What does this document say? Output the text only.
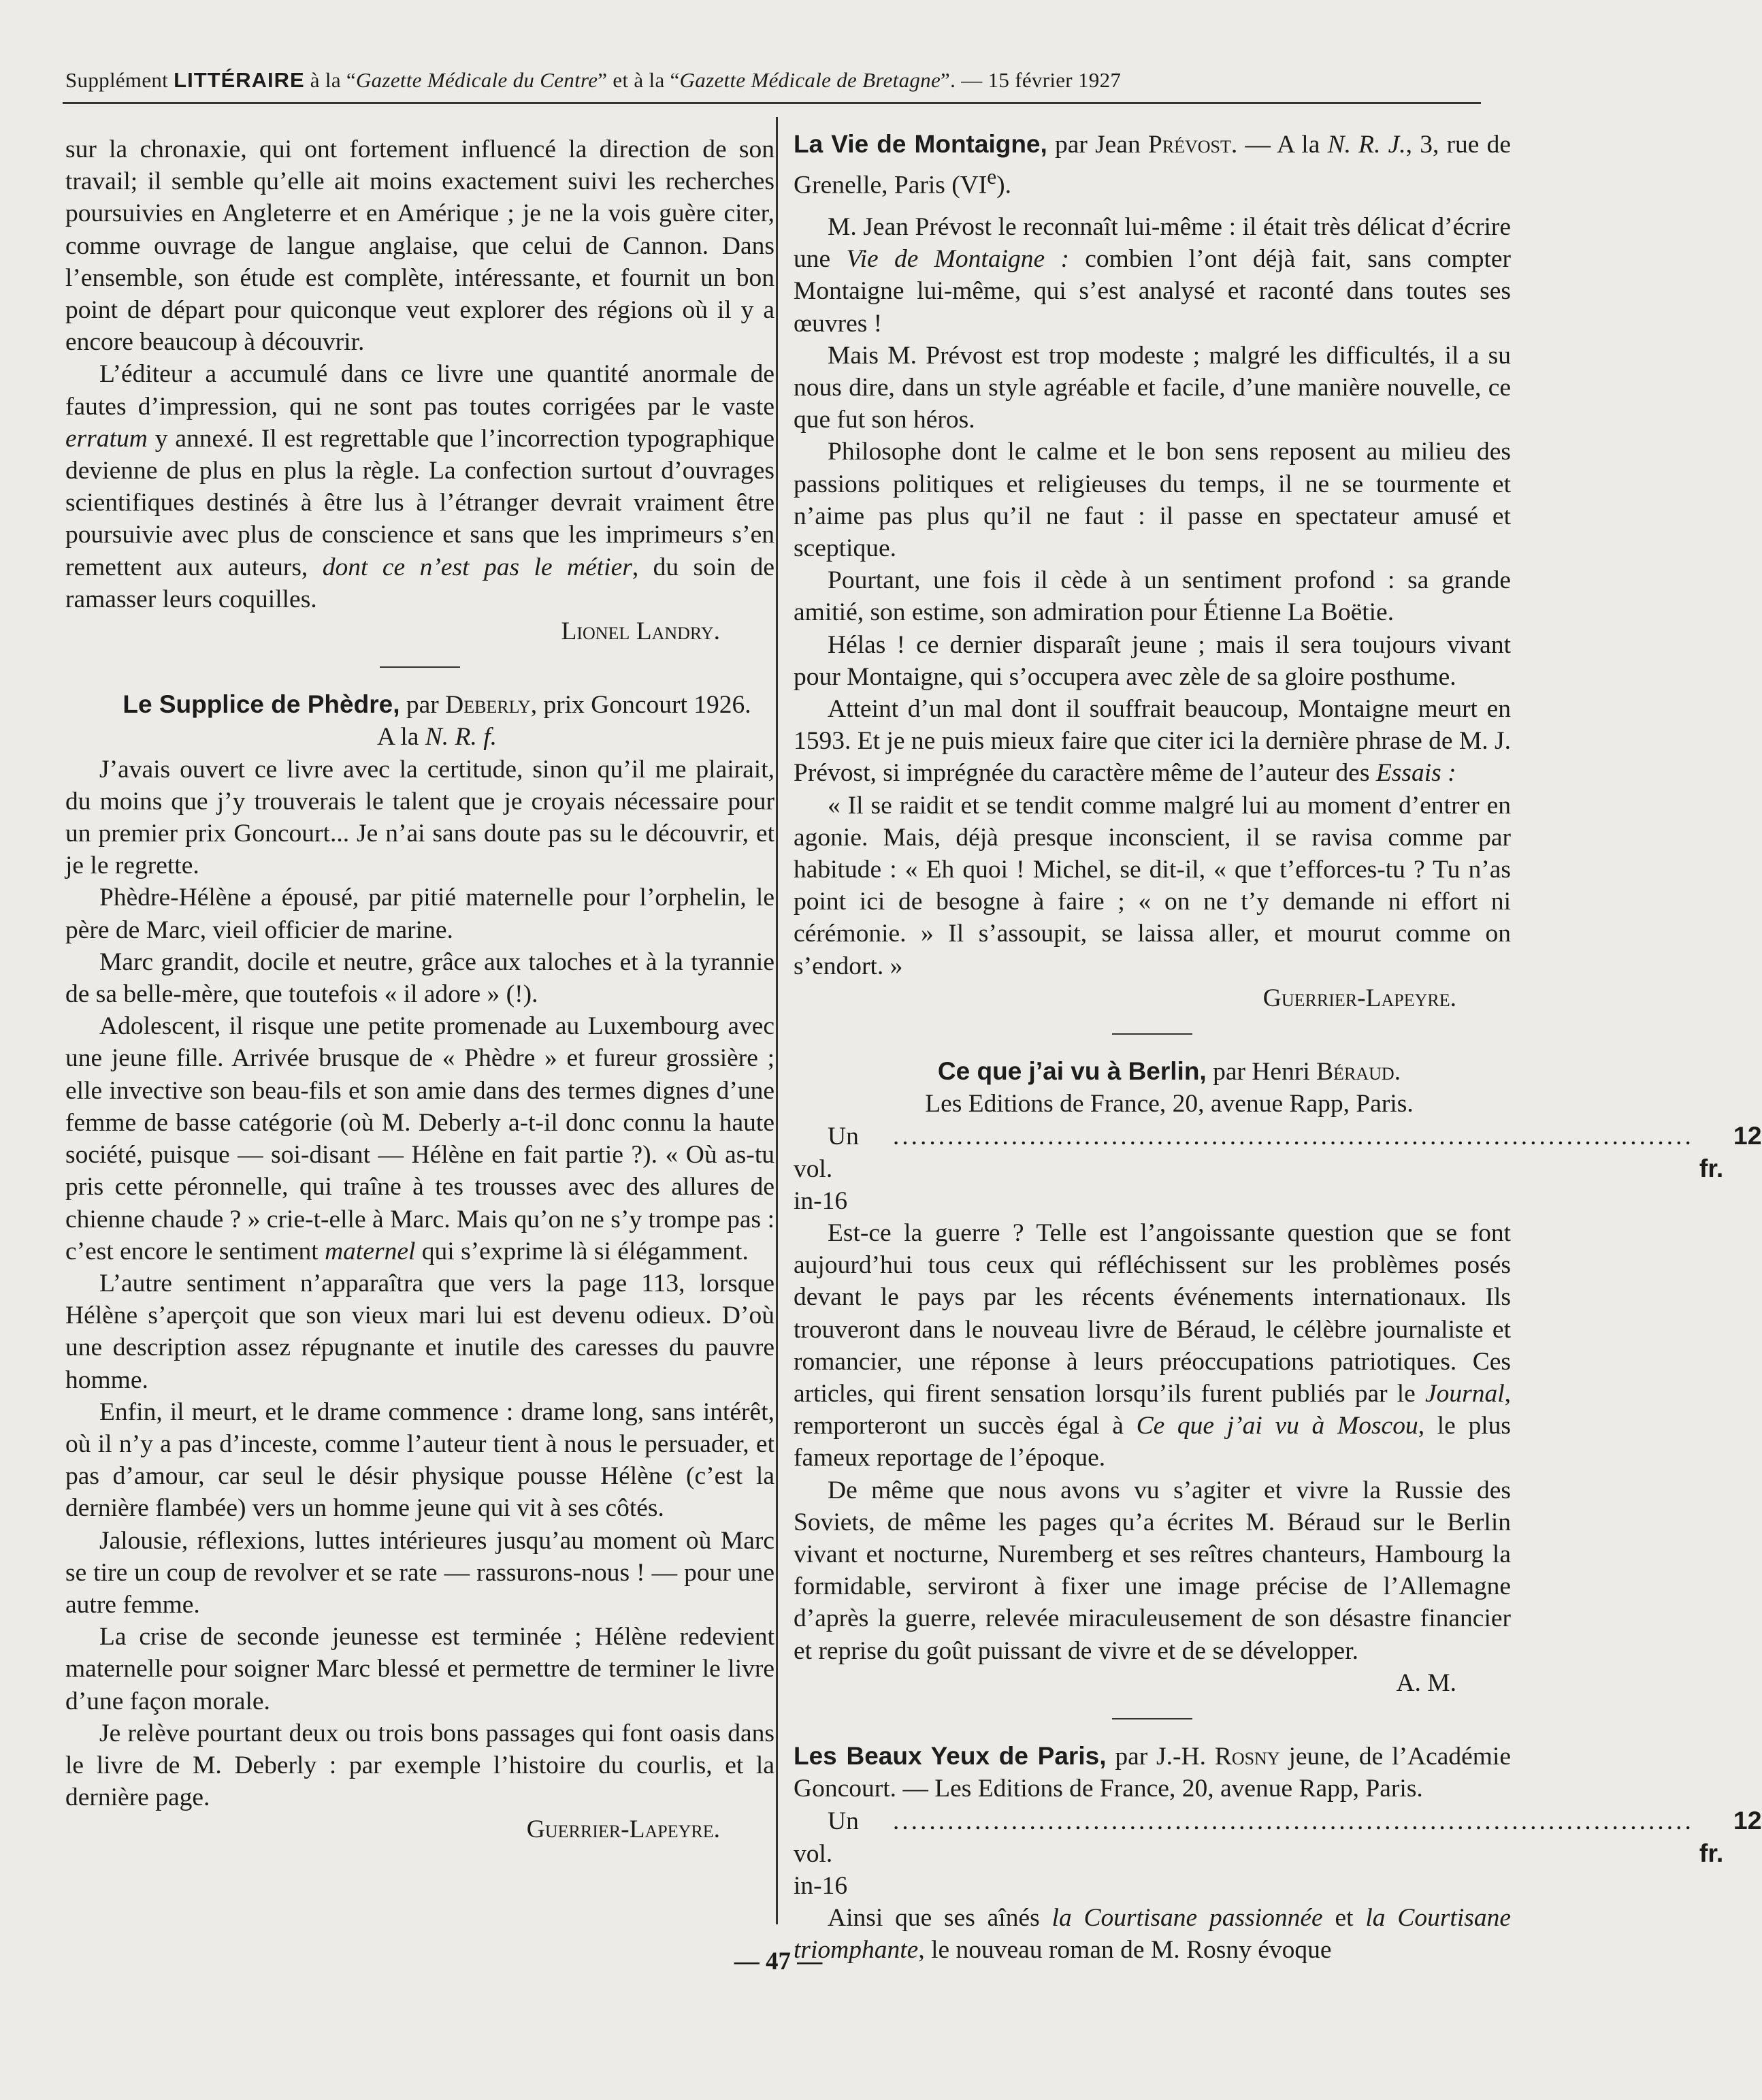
Supplément LITTÉRAIRE à la “Gazette Médicale du Centre” et à la “Gazette Médicale de Bretagne”. — 15 février 1927

sur la chronaxie, qui ont fortement influencé la direction de son travail; il semble qu’elle ait moins exactement suivi les recherches poursuivies en Angleterre et en Amérique ; je ne la vois guère citer, comme ouvrage de langue anglaise, que celui de Cannon. Dans l’ensemble, son étude est complète, intéressante, et fournit un bon point de départ pour quiconque veut explorer des régions où il y a encore beaucoup à découvrir.

L’éditeur a accumulé dans ce livre une quantité anormale de fautes d’impression, qui ne sont pas toutes corrigées par le vaste erratum y annexé. Il est regrettable que l’incorrection typographique devienne de plus en plus la règle. La confection surtout d’ouvrages scientifiques destinés à être lus à l’étranger devrait vraiment être poursuivie avec plus de conscience et sans que les imprimeurs s’en remettent aux auteurs, dont ce n’est pas le métier, du soin de ramasser leurs coquilles.

Lionel Landry.

Le Supplice de Phèdre, par Deberly, prix Goncourt 1926.

A la N. R. f.

J’avais ouvert ce livre avec la certitude, sinon qu’il me plairait, du moins que j’y trouverais le talent que je croyais nécessaire pour un premier prix Goncourt... Je n’ai sans doute pas su le découvrir, et je le regrette.

Phèdre-Hélène a épousé, par pitié maternelle pour l’orphelin, le père de Marc, vieil officier de marine.

Marc grandit, docile et neutre, grâce aux taloches et à la tyrannie de sa belle-mère, que toutefois « il adore » (!).

Adolescent, il risque une petite promenade au Luxembourg avec une jeune fille. Arrivée brusque de « Phèdre » et fureur grossière ; elle invective son beau-fils et son amie dans des termes dignes d’une femme de basse catégorie (où M. Deberly a-t-il donc connu la haute société, puisque — soi-disant — Hélène en fait partie ?). « Où as-tu pris cette péronnelle, qui traîne à tes trousses avec des allures de chienne chaude ? » crie-t-elle à Marc. Mais qu’on ne s’y trompe pas : c’est encore le sentiment maternel qui s’exprime là si élégamment.

L’autre sentiment n’apparaîtra que vers la page 113, lorsque Hélène s’aperçoit que son vieux mari lui est devenu odieux. D’où une description assez répugnante et inutile des caresses du pauvre homme.

Enfin, il meurt, et le drame commence : drame long, sans intérêt, où il n’y a pas d’inceste, comme l’auteur tient à nous le persuader, et pas d’amour, car seul le désir physique pousse Hélène (c’est la dernière flambée) vers un homme jeune qui vit à ses côtés.

Jalousie, réflexions, luttes intérieures jusqu’au moment où Marc se tire un coup de revolver et se rate — rassurons-nous ! — pour une autre femme.

La crise de seconde jeunesse est terminée ; Hélène redevient maternelle pour soigner Marc blessé et permettre de terminer le livre d’une façon morale.

Je relève pourtant deux ou trois bons passages qui font oasis dans le livre de M. Deberly : par exemple l’histoire du courlis, et la dernière page.

Guerrier-Lapeyre.

La Vie de Montaigne, par Jean Prévost. — A la N. R. J., 3, rue de Grenelle, Paris (VIe).

M. Jean Prévost le reconnaît lui-même : il était très délicat d’écrire une Vie de Montaigne : combien l’ont déjà fait, sans compter Montaigne lui-même, qui s’est analysé et raconté dans toutes ses œuvres !

Mais M. Prévost est trop modeste ; malgré les difficultés, il a su nous dire, dans un style agréable et facile, d’une manière nouvelle, ce que fut son héros.

Philosophe dont le calme et le bon sens reposent au milieu des passions politiques et religieuses du temps, il ne se tourmente et n’aime pas plus qu’il ne faut : il passe en spectateur amusé et sceptique.

Pourtant, une fois il cède à un sentiment profond : sa grande amitié, son estime, son admiration pour Étienne La Boëtie.

Hélas ! ce dernier disparaît jeune ; mais il sera toujours vivant pour Montaigne, qui s’occupera avec zèle de sa gloire posthume.

Atteint d’un mal dont il souffrait beaucoup, Montaigne meurt en 1593. Et je ne puis mieux faire que citer ici la dernière phrase de M. J. Prévost, si imprégnée du caractère même de l’auteur des Essais :

« Il se raidit et se tendit comme malgré lui au moment d’entrer en agonie. Mais, déjà presque inconscient, il se ravisa comme par habitude : « Eh quoi ! Michel, se dit-il, « que t’efforces-tu ? Tu n’as point ici de besogne à faire ; « on ne t’y demande ni effort ni cérémonie. » Il s’assoupit, se laissa aller, et mourut comme on s’endort. »

Guerrier-Lapeyre.

Ce que j’ai vu à Berlin, par Henri Béraud.

Les Editions de France, 20, avenue Rapp, Paris.

Un vol. in-16
........................................................................................	12 fr.

Est-ce la guerre ? Telle est l’angoissante question que se font aujourd’hui tous ceux qui réfléchissent sur les problèmes posés devant le pays par les récents événements internationaux. Ils trouveront dans le nouveau livre de Béraud, le célèbre journaliste et romancier, une réponse à leurs préoccupations patriotiques. Ces articles, qui firent sensation lorsqu’ils furent publiés par le Journal, remporteront un succès égal à Ce que j’ai vu à Moscou, le plus fameux reportage de l’époque.

De même que nous avons vu s’agiter et vivre la Russie des Soviets, de même les pages qu’a écrites M. Béraud sur le Berlin vivant et nocturne, Nuremberg et ses reîtres chanteurs, Hambourg la formidable, serviront à fixer une image précise de l’Allemagne d’après la guerre, relevée miraculeusement de son désastre financier et reprise du goût puissant de vivre et de se développer.

A. M.

Les Beaux Yeux de Paris, par J.-H. Rosny jeune, de l’Académie Goncourt. — Les Editions de France, 20, avenue Rapp, Paris.

Un vol. in-16
........................................................................................	12 fr.

Ainsi que ses aînés la Courtisane passionnée et la Courtisane triomphante, le nouveau roman de M. Rosny évoque

— 47 —
